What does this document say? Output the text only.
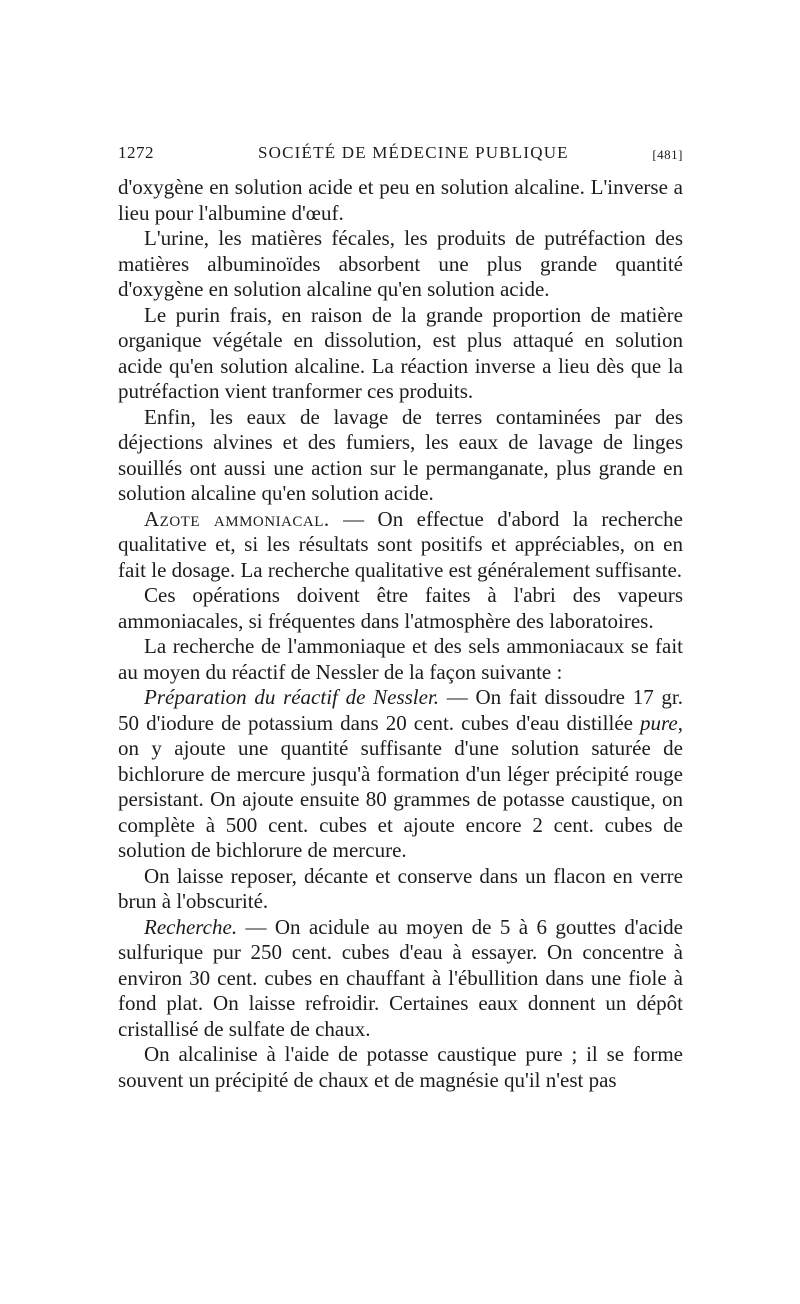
1272	SOCIÉTÉ DE MÉDECINE PUBLIQUE	[481]

d'oxygène en solution acide et peu en solution alcaline. L'inverse a lieu pour l'albumine d'œuf.

L'urine, les matières fécales, les produits de putréfaction des matières albuminoïdes absorbent une plus grande quantité d'oxygène en solution alcaline qu'en solution acide.

Le purin frais, en raison de la grande proportion de matière organique végétale en dissolution, est plus attaqué en solution acide qu'en solution alcaline. La réaction inverse a lieu dès que la putréfaction vient tranformer ces produits.

Enfin, les eaux de lavage de terres contaminées par des déjections alvines et des fumiers, les eaux de lavage de linges souillés ont aussi une action sur le permanganate, plus grande en solution alcaline qu'en solution acide.

Azote ammoniacal. — On effectue d'abord la recherche qualitative et, si les résultats sont positifs et appréciables, on en fait le dosage. La recherche qualitative est généralement suffisante.

Ces opérations doivent être faites à l'abri des vapeurs ammoniacales, si fréquentes dans l'atmosphère des laboratoires.

La recherche de l'ammoniaque et des sels ammoniacaux se fait au moyen du réactif de Nessler de la façon suivante :

Préparation du réactif de Nessler. — On fait dissoudre 17 gr. 50 d'iodure de potassium dans 20 cent. cubes d'eau distillée pure, on y ajoute une quantité suffisante d'une solution saturée de bichlorure de mercure jusqu'à formation d'un léger précipité rouge persistant. On ajoute ensuite 80 grammes de potasse caustique, on complète à 500 cent. cubes et ajoute encore 2 cent. cubes de solution de bichlorure de mercure.

On laisse reposer, décante et conserve dans un flacon en verre brun à l'obscurité.

Recherche. — On acidule au moyen de 5 à 6 gouttes d'acide sulfurique pur 250 cent. cubes d'eau à essayer. On concentre à environ 30 cent. cubes en chauffant à l'ébullition dans une fiole à fond plat. On laisse refroidir. Certaines eaux donnent un dépôt cristallisé de sulfate de chaux.

On alcalinise à l'aide de potasse caustique pure ; il se forme souvent un précipité de chaux et de magnésie qu'il n'est pas
